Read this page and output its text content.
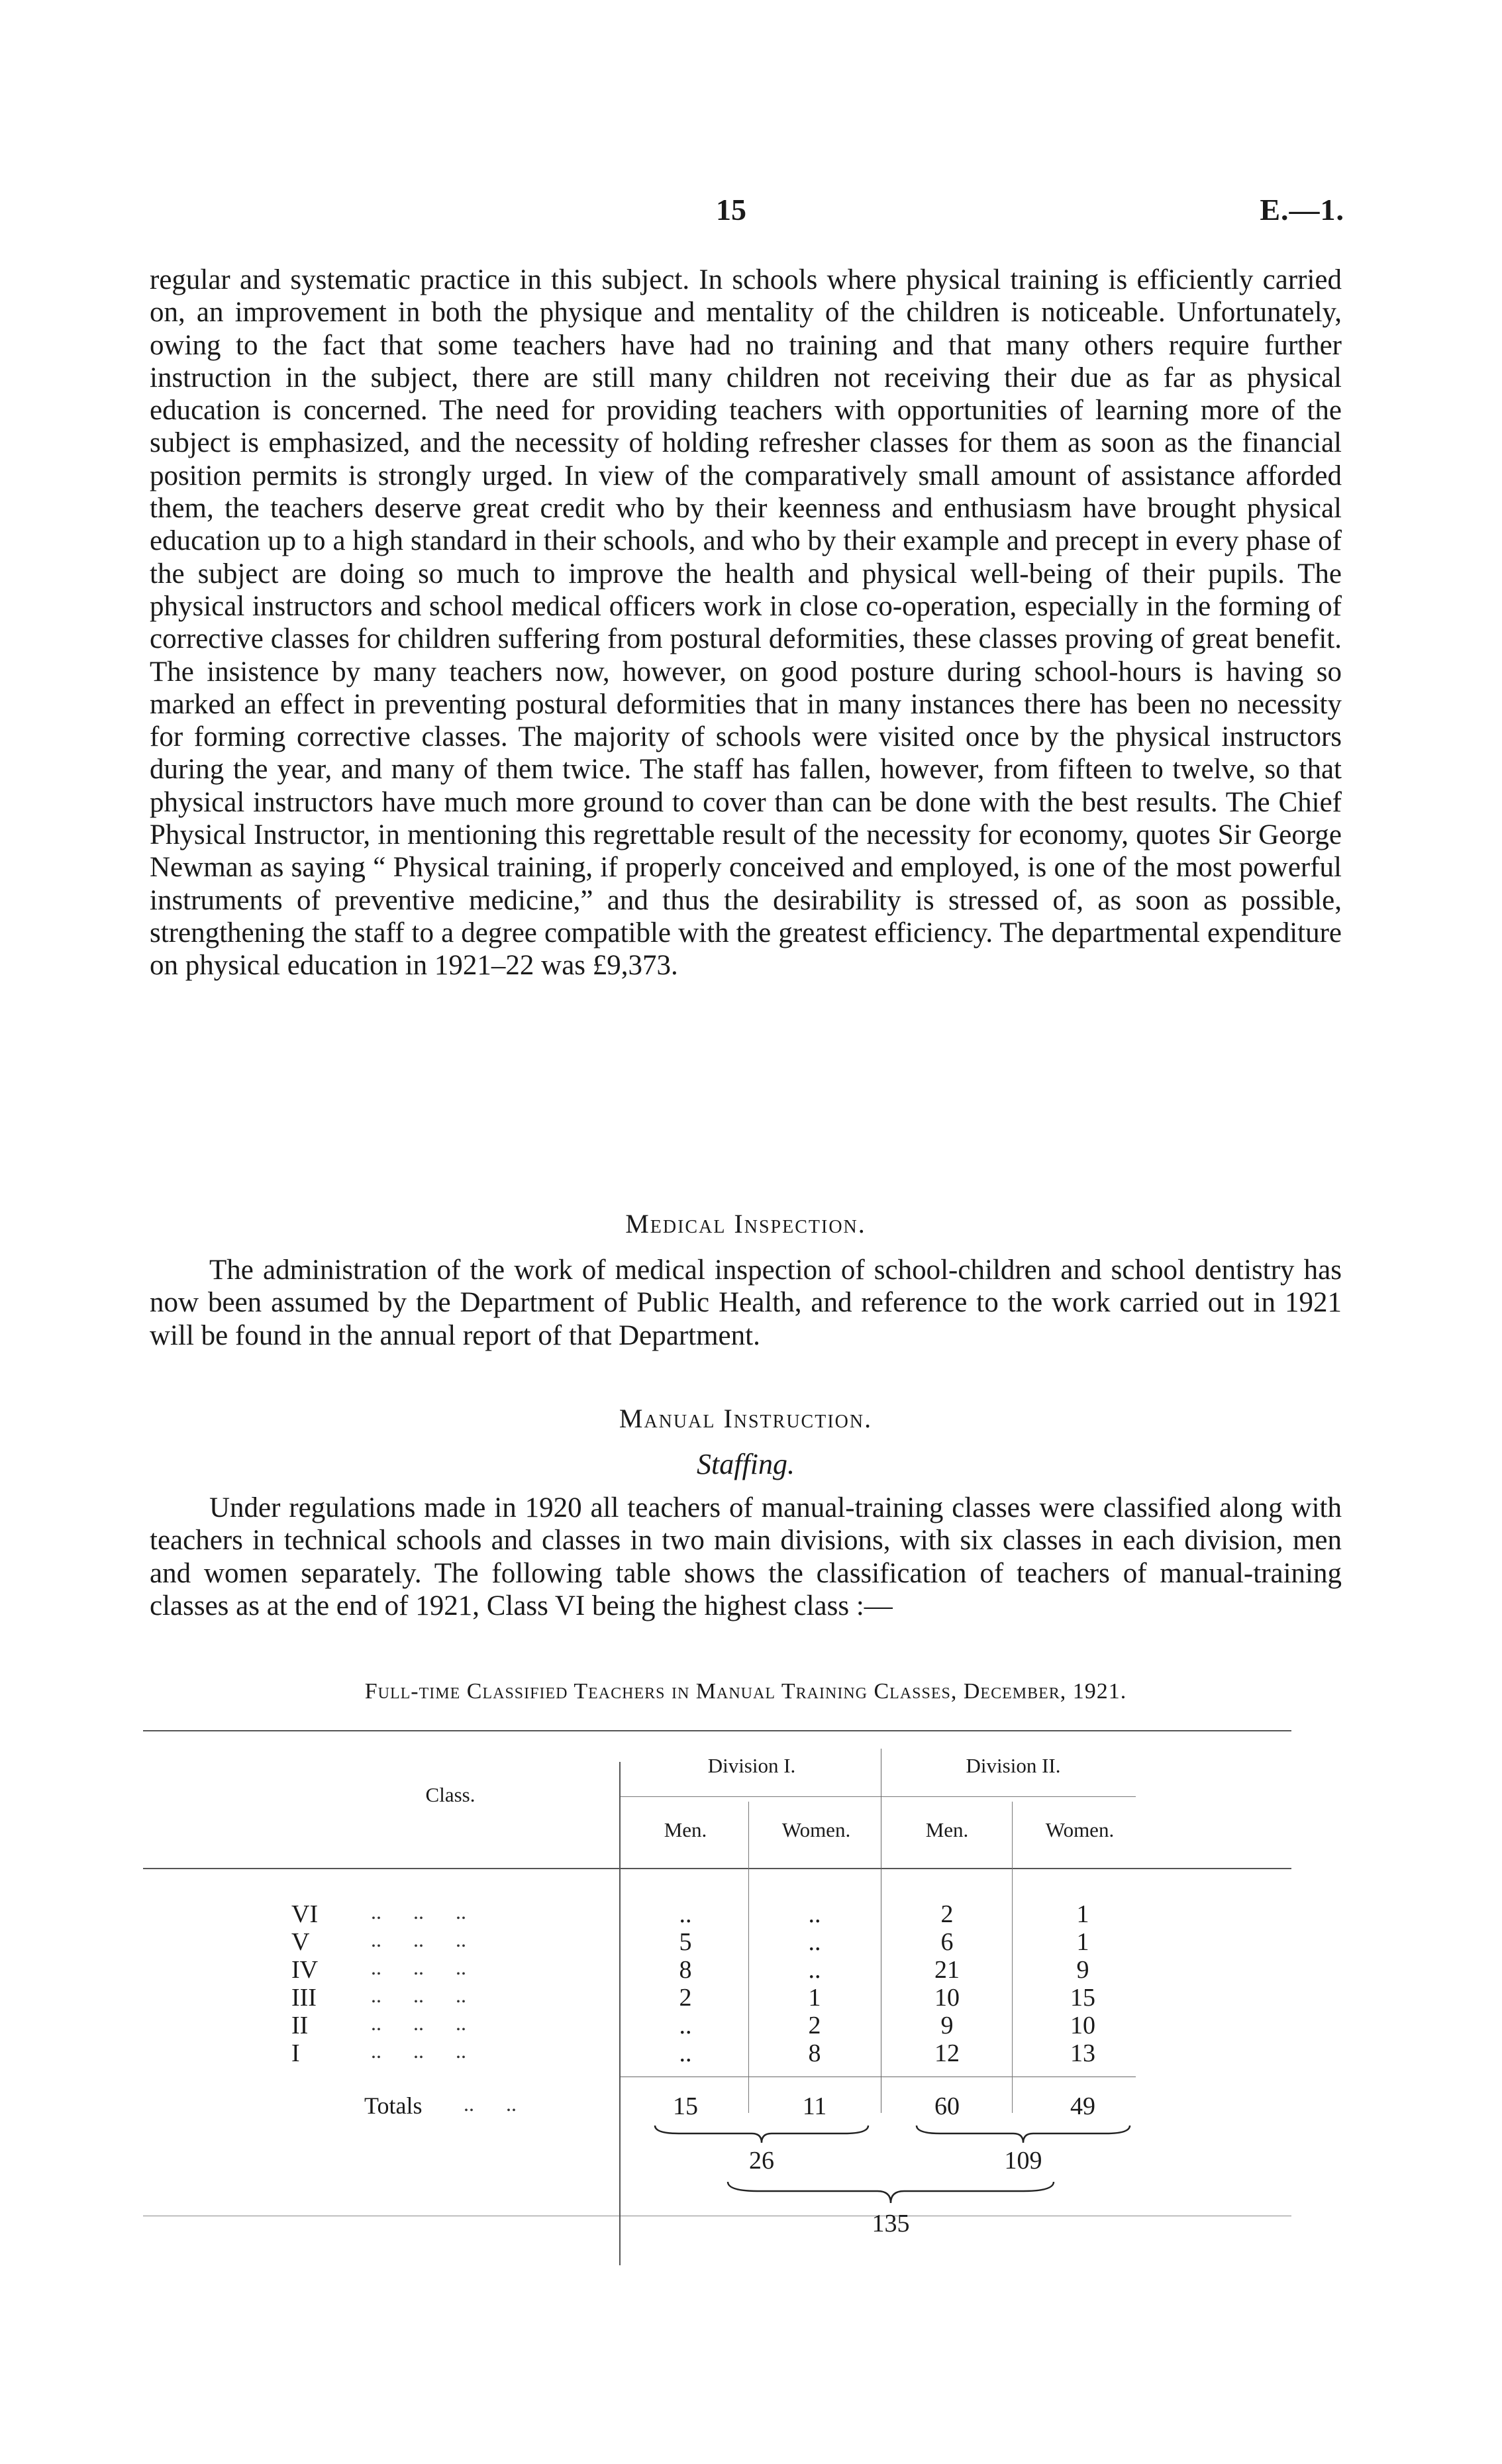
15	E.—1.

regular and systematic practice in this subject. In schools where physical training is efficiently carried on, an improvement in both the physique and mentality of the children is noticeable. Unfortunately, owing to the fact that some teachers have had no training and that many others require further instruction in the subject, there are still many children not receiving their due as far as physical education is concerned. The need for providing teachers with opportunities of learning more of the subject is emphasized, and the necessity of holding refresher classes for them as soon as the financial position permits is strongly urged. In view of the comparatively small amount of assistance afforded them, the teachers deserve great credit who by their keenness and enthusiasm have brought physical education up to a high standard in their schools, and who by their example and precept in every phase of the subject are doing so much to improve the health and physical well-being of their pupils. The physical instructors and school medical officers work in close co-operation, especially in the forming of corrective classes for children suffering from postural deformities, these classes proving of great benefit. The insistence by many teachers now, however, on good posture during school-hours is having so marked an effect in preventing postural deformities that in many instances there has been no necessity for forming corrective classes. The majority of schools were visited once by the physical instructors during the year, and many of them twice. The staff has fallen, however, from fifteen to twelve, so that physical instructors have much more ground to cover than can be done with the best results. The Chief Physical Instructor, in mentioning this regrettable result of the necessity for economy, quotes Sir George Newman as saying “ Physical training, if properly conceived and employed, is one of the most powerful instruments of preventive medicine,” and thus the desirability is stressed of, as soon as possible, strengthening the staff to a degree compatible with the greatest efficiency. The departmental expenditure on physical education in 1921–22 was £9,373.

Medical Inspection.

The administration of the work of medical inspection of school-children and school dentistry has now been assumed by the Department of Public Health, and reference to the work carried out in 1921 will be found in the annual report of that Department.

Manual Instruction.

Staffing.

Under regulations made in 1920 all teachers of manual-training classes were classified along with teachers in technical schools and classes in two main divisions, with six classes in each division, men and women separately. The following table shows the classification of teachers of manual-training classes as at the end of 1921, Class VI being the highest class :—

Full-time Classified Teachers in Manual Training Classes, December, 1921.
Class.
Division I.	Division II.
Men.	Women.	Men.	Women.
VI	..      ..      ..	..	..	2	1
V	..      ..      ..	5	..	6	1
IV	..      ..      ..	8	..	21	9
III	..      ..      ..	2	1	10	15
II	..      ..      ..	..	2	9	10
I	..      ..      ..	..	8	12	13
Totals ..      ..	15	11	60	49
26	109
135
